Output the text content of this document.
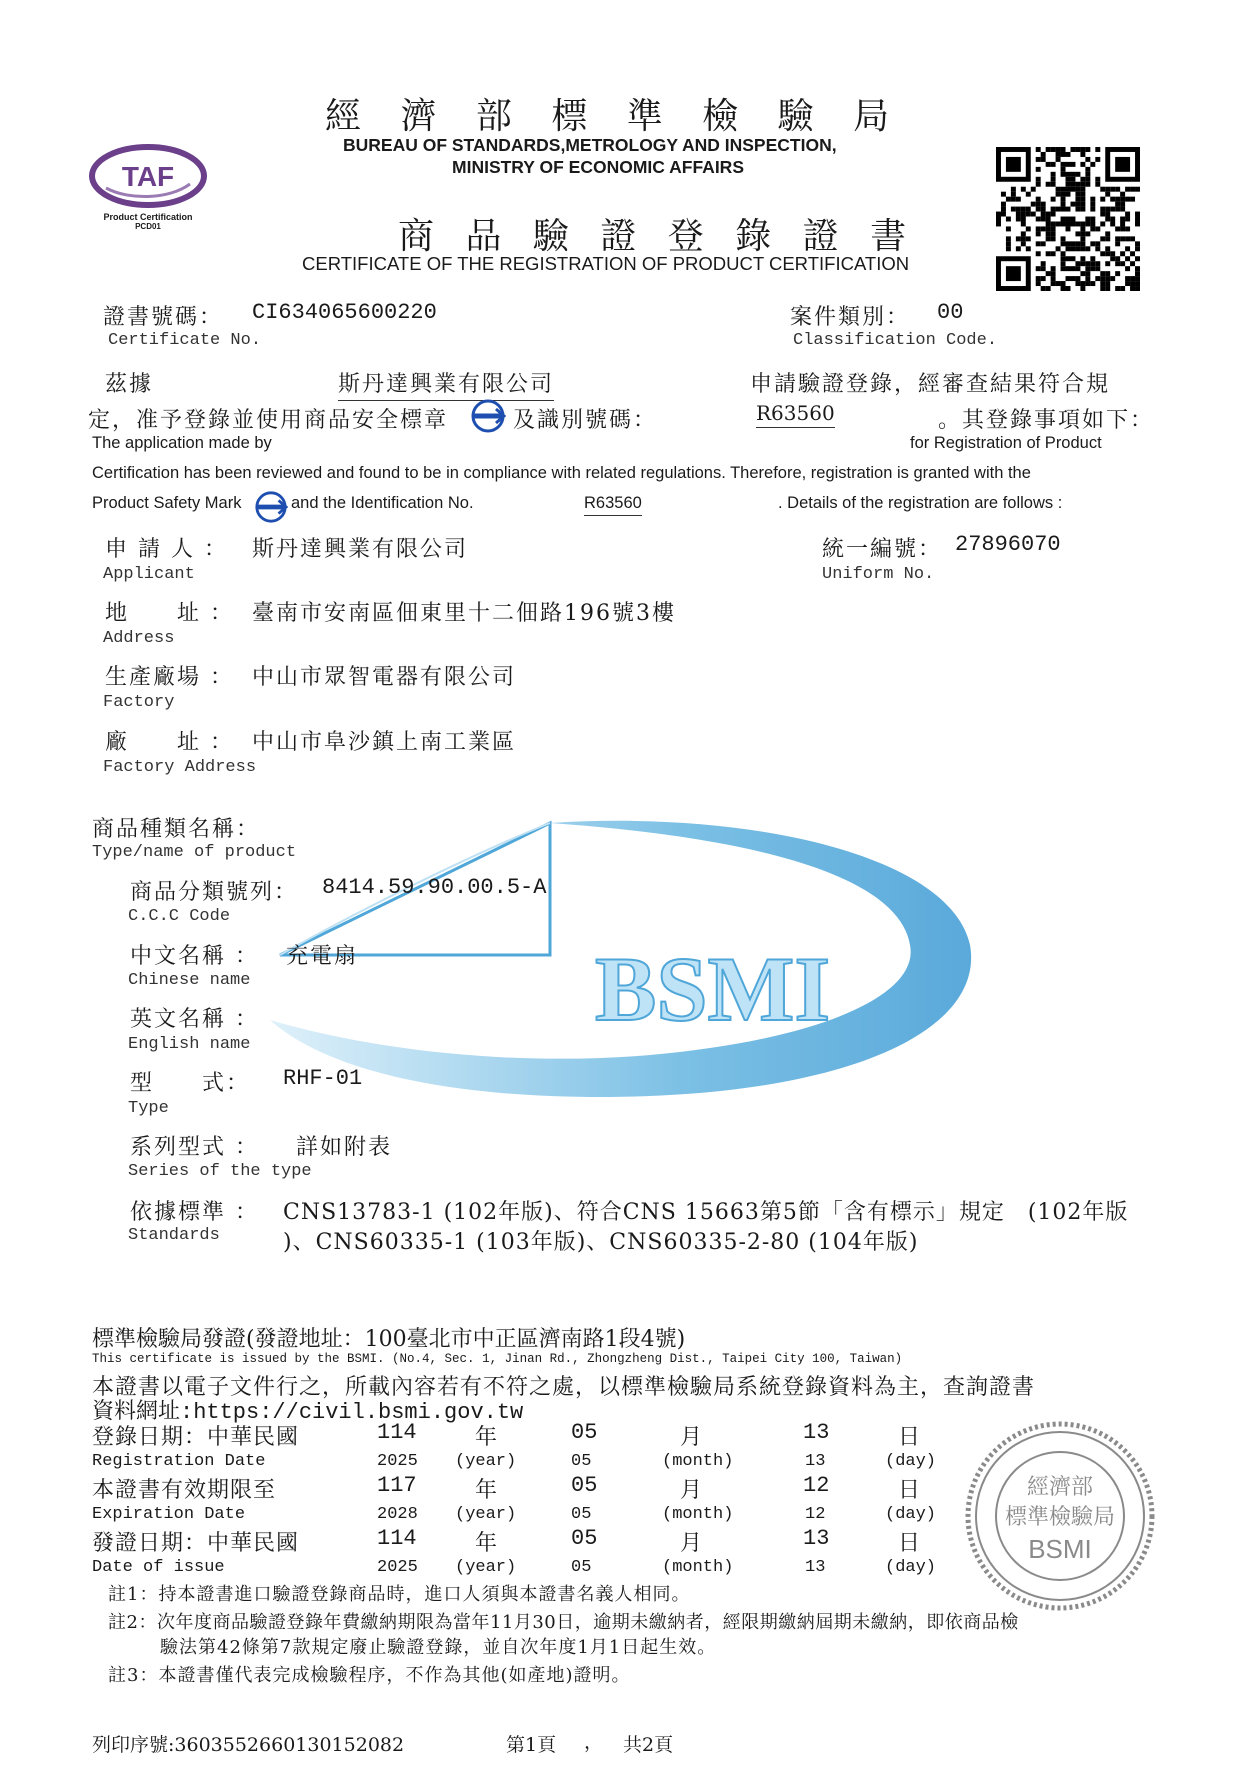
BSMI
TAF
Product Certification
PCD01
經 濟 部 標 準 檢 驗 局
BUREAU OF STANDARDS,METROLOGY AND INSPECTION,
MINISTRY OF ECONOMIC AFFAIRS
商 品 驗 證 登 錄 證 書
CERTIFICATE OF THE REGISTRATION OF PRODUCT CERTIFICATION
證書號碼： CI634065600220
Certificate No.
案件類別： 00
Classification Code.
茲據	斯丹達興業有限公司	申請驗證登錄，經審查結果符合規
定，准予登錄並使用商品安全標章	及識別號碼：	R63560	。其登錄事項如下：
The application made by	for Registration of Product
Certification has been reviewed and found to be in compliance with related regulations. Therefore, registration is granted with the
Product Safety Mark	and the Identification No.	R63560	. Details of the registration are follows :
申 請 人 ： 斯丹達興業有限公司
Applicant
統一編號： 27896070
Uniform No.
地　　址 ： 臺南市安南區佃東里十二佃路196號3樓
Address
生產廠場 ： 中山市眾智電器有限公司
Factory
廠　　址 ： 中山市阜沙鎮上南工業區
Factory Address
商品種類名稱：
Type/name of product
商品分類號列： 8414.59.90.00.5-A
C.C.C Code
中文名稱 ： 充電扇
Chinese name
英文名稱 ：
English name
型　　式： RHF-01
Type
系列型式 ： 詳如附表
Series of the type
依據標準 ：
Standards
CNS13783-1 (102年版)、符合CNS 15663第5節「含有標示」規定　(102年版
)、CNS60335-1 (103年版)、CNS60335-2-80 (104年版)
標準檢驗局發證(發證地址：100臺北市中正區濟南路1段4號)
This certificate is issued by the BSMI. (No.4, Sec. 1, Jinan Rd., Zhongzheng Dist., Taipei City 100, Taiwan)
本證書以電子文件行之，所載內容若有不符之處，以標準檢驗局系統登錄資料為主，查詢證書
資料網址:https://civil.bsmi.gov.tw
登錄日期：中華民國	114	年	05	月	13	日
Registration Date	2025 (year)	05	(month)	13	(day)
本證書有效期限至	117	年	05	月	12	日
Expiration Date	2028 (year)	05	(month)	12	(day)
發證日期：中華民國	114	年	05	月	13	日
Date of issue	2025 (year)	05	(month)	13	(day)
經濟部
標準檢驗局
BSMI
註1：持本證書進口驗證登錄商品時，進口人須與本證書名義人相同。
註2：次年度商品驗證登錄年費繳納期限為當年11月30日，逾期未繳納者，經限期繳納屆期未繳納，即依商品檢
驗法第42條第7款規定廢止驗證登錄，並自次年度1月1日起生效。
註3：本證書僅代表完成檢驗程序，不作為其他(如產地)證明。
列印序號:3603552660130152082	第1頁 ， 共2頁
